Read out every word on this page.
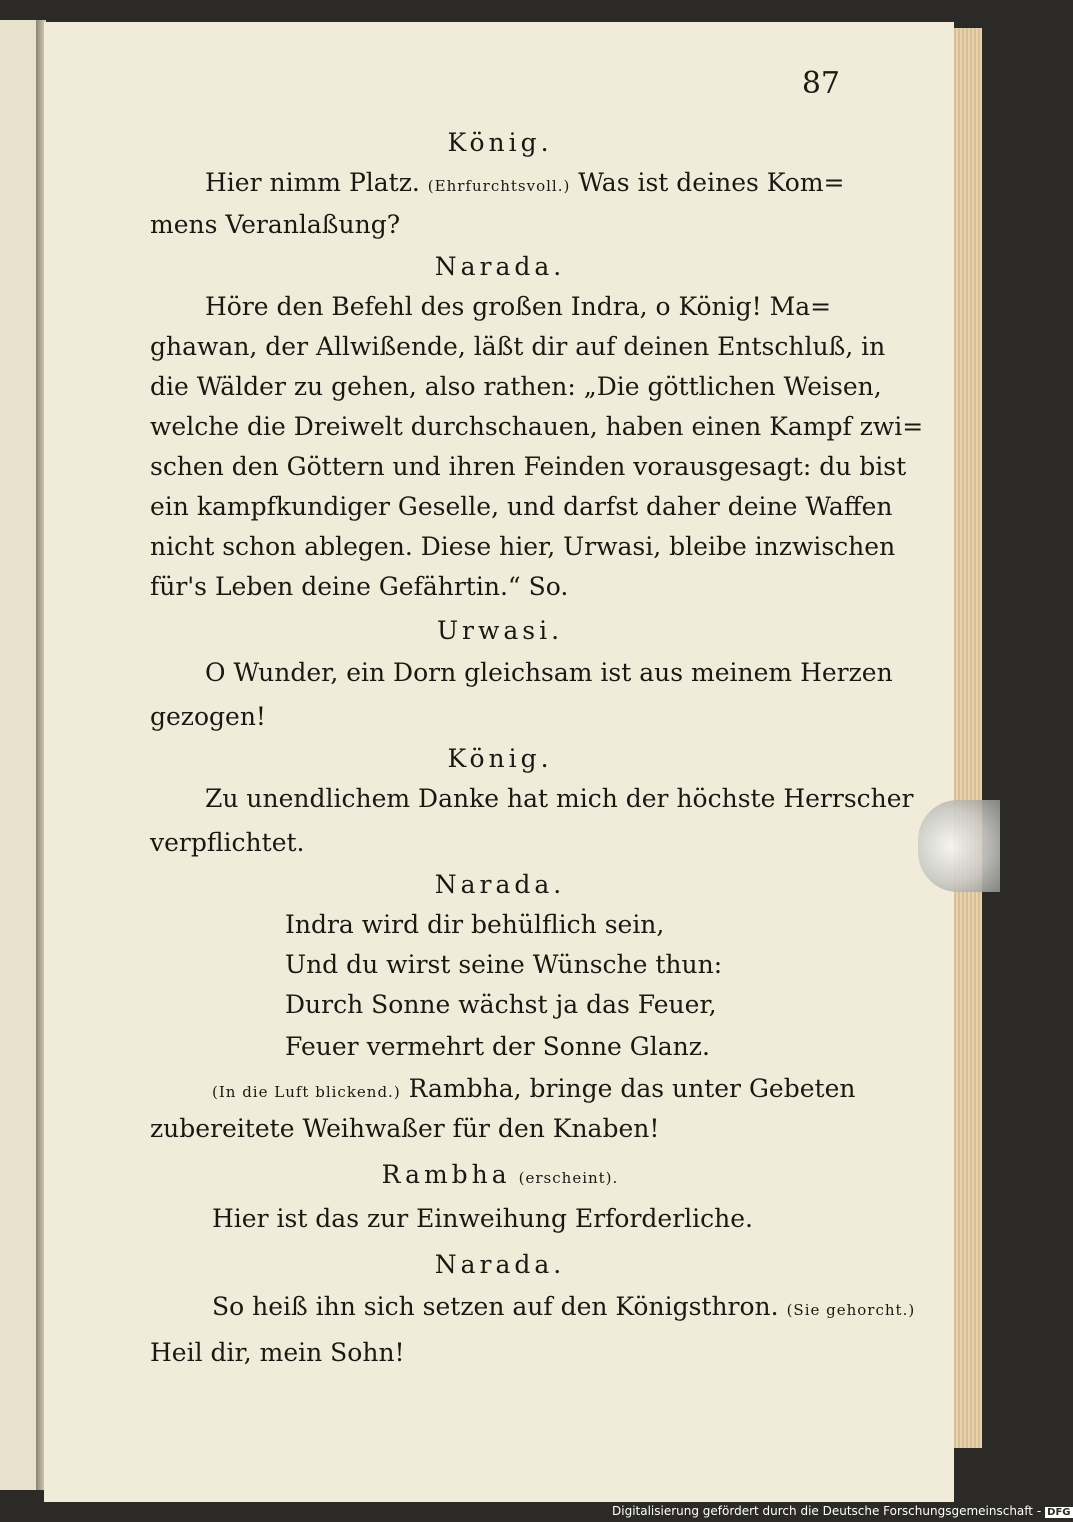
87
König.
Hier nimm Platz. (Ehrfurchtsvoll.) Was ist deines Kom=
mens Veranlaßung?
Narada.
Höre den Befehl des großen Indra, o König! Ma=
ghawan, der Allwißende, läßt dir auf deinen Entschluß, in
die Wälder zu gehen, also rathen: „Die göttlichen Weisen,
welche die Dreiwelt durchschauen, haben einen Kampf zwi=
schen den Göttern und ihren Feinden vorausgesagt: du bist
ein kampfkundiger Geselle, und darfst daher deine Waffen
nicht schon ablegen. Diese hier, Urwasi, bleibe inzwischen
für's Leben deine Gefährtin.“ So.
Urwasi.
O Wunder, ein Dorn gleichsam ist aus meinem Herzen
gezogen!
König.
Zu unendlichem Danke hat mich der höchste Herrscher
verpflichtet.
Narada.
Indra wird dir behülflich sein,
Und du wirst seine Wünsche thun:
Durch Sonne wächst ja das Feuer,
Feuer vermehrt der Sonne Glanz.
(In die Luft blickend.) Rambha, bringe das unter Gebeten
zubereitete Weihwaßer für den Knaben!
Rambha (erscheint).
Hier ist das zur Einweihung Erforderliche.
Narada.
So heiß ihn sich setzen auf den Königsthron. (Sie gehorcht.)
Heil dir, mein Sohn!
Digitalisierung gefördert durch die Deutsche Forschungsgemeinschaft - DFG
